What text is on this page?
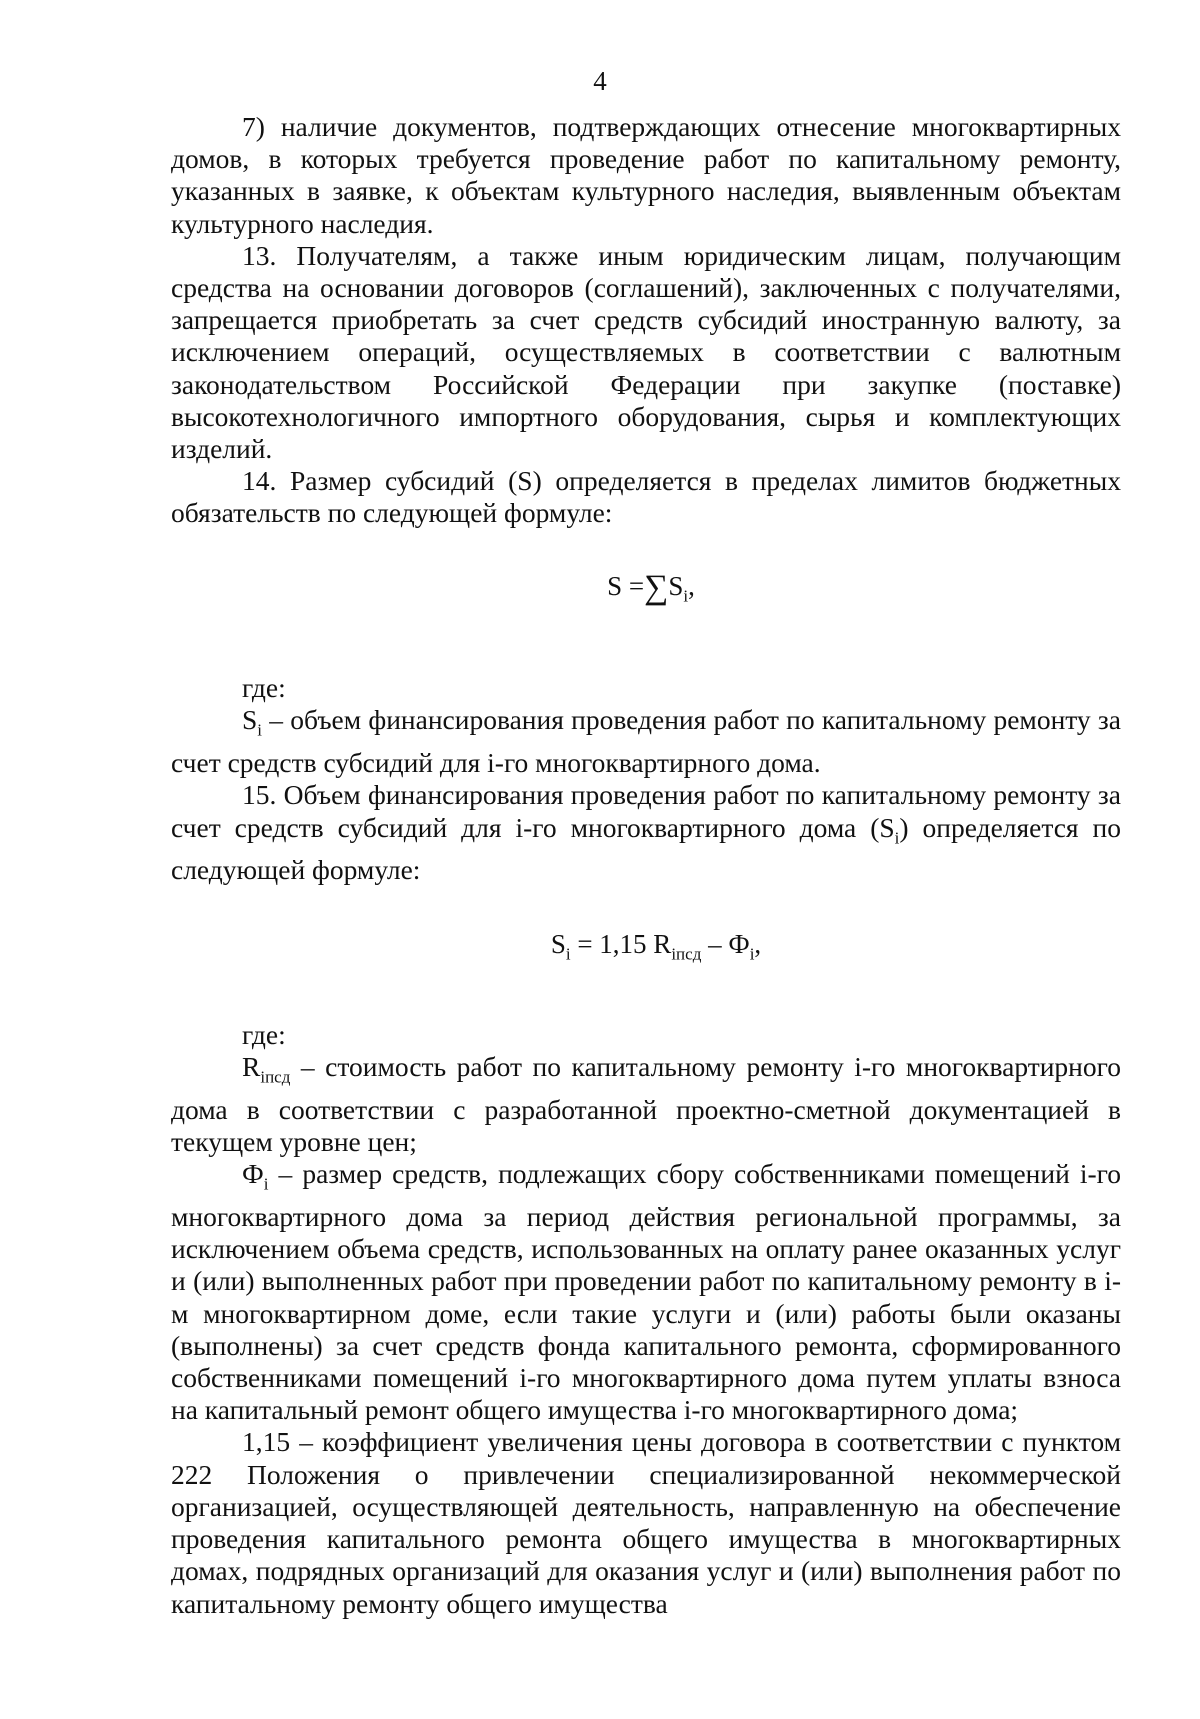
4

7) наличие документов, подтверждающих отнесение многоквартирных домов, в которых требуется проведение работ по капитальному ремонту, указанных в заявке, к объектам культурного наследия, выявленным объектам культурного наследия.

13. Получателям, а также иным юридическим лицам, получающим средства на основании договоров (соглашений), заключенных с получателями, запрещается приобретать за счет средств субсидий иностранную валюту, за исключением операций, осуществляемых в соответствии с валютным законодательством Российской Федерации при закупке (поставке) высокотехнологичного импортного оборудования, сырья и комплектующих изделий.

14. Размер субсидий (S) определяется в пределах лимитов бюджетных обязательств по следующей формуле:

$S =\sum S_i$,

где:

$S_i$ – объем финансирования проведения работ по капитальному ремонту за счет средств субсидий для i-го многоквартирного дома.

15. Объем финансирования проведения работ по капитальному ремонту за счет средств субсидий для i-го многоквартирного дома $(S_i)$ определяется по следующей формуле:

$S_i = 1,15$ $R_{iпсд} - Ф_i$,

где:

$R_{iпсд}$ – стоимость работ по капитальному ремонту i-го многоквартирного дома в соответствии с разработанной проектно-сметной документацией в текущем уровне цен;

$Ф_i$ – размер средств, подлежащих сбору собственниками помещений i-го многоквартирного дома за период действия региональной программы, за исключением объема средств, использованных на оплату ранее оказанных услуг и (или) выполненных работ при проведении работ по капитальному ремонту в i-м многоквартирном доме, если такие услуги и (или) работы были оказаны (выполнены) за счет средств фонда капитального ремонта, сформированного собственниками помещений i-го многоквартирного дома путем уплаты взноса на капитальный ремонт общего имущества i-го многоквартирного дома;

1,15 – коэффициент увеличения цены договора в соответствии с пунктом 222 Положения о привлечении специализированной некоммерческой организацией, осуществляющей деятельность, направленную на обеспечение проведения капитального ремонта общего имущества в многоквартирных домах, подрядных организаций для оказания услуг и (или) выполнения работ по капитальному ремонту общего имущества
